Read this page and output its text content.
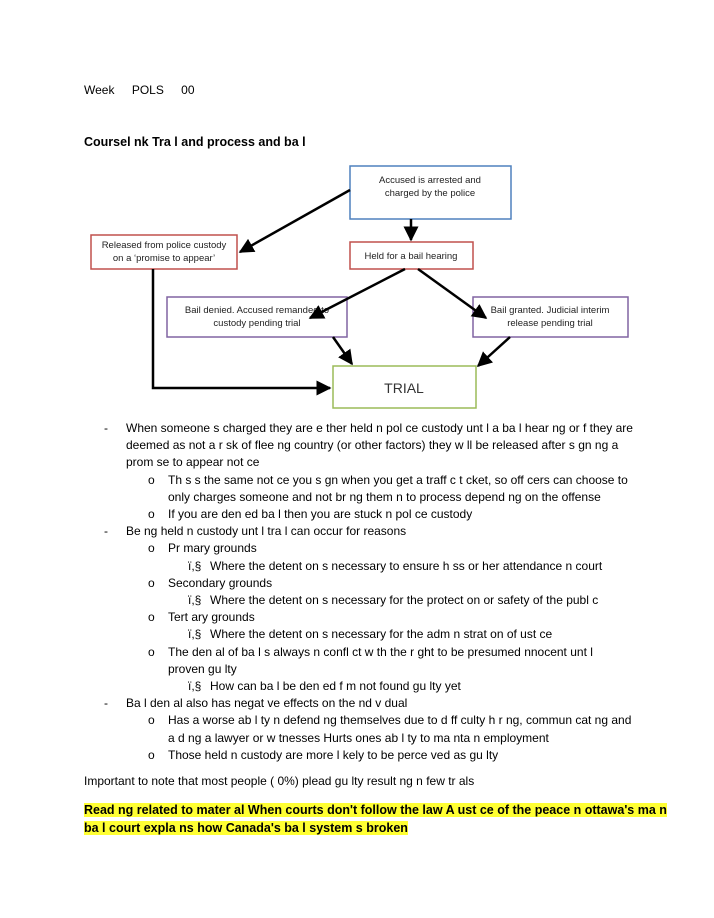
Week POLS 00
Coursel nk Tra l and process and ba l
Accused is arrested and
charged by the police
Released from police custody
on a ‘promise to appear’	Held for a bail hearing
Bail denied. Accused remanded to
custody pending trial
Bail granted. Judicial interim
release pending trial
TRIAL
- When someone s charged they are e ther held n pol ce custody unt l a ba l hear ng or f they are
deemed as not a r sk of flee ng country (or other factors) they w ll be released after s gn ng a
prom se to appear not ce
o Th s s the same not ce you s gn when you get a traff c t cket, so off cers can choose to
only charges someone and not br ng them n to process depend ng on the offense
o If you are den ed ba l then you are stuck n pol ce custody
- Be ng held n custody unt l tra l can occur for reasons
o Pr mary grounds
ï,§ Where the detent on s necessary to ensure h ss or her attendance n court
o Secondary grounds
ï,§ Where the detent on s necessary for the protect on or safety of the publ c
o Tert ary grounds
ï,§ Where the detent on s necessary for the adm n strat on of ust ce
o The den al of ba l s always n confl ct w th the r ght to be presumed nnocent unt l
proven gu lty
ï,§ How can ba l be den ed f m not found gu lty yet
- Ba l den al also has negat ve effects on the nd v dual
o Has a worse ab l ty n defend ng themselves due to d ff culty h r ng, commun cat ng and
a d ng a lawyer or w tnesses Hurts ones ab l ty to ma nta n employment
o Those held n custody are more l kely to be perce ved as gu lty
Important to note that most people ( 0%) plead gu lty result ng n few tr als
Read ng related to mater al When courts don't follow the law A ust ce of the peace n ottawa's ma n
ba l court expla ns how Canada's ba l system s broken
